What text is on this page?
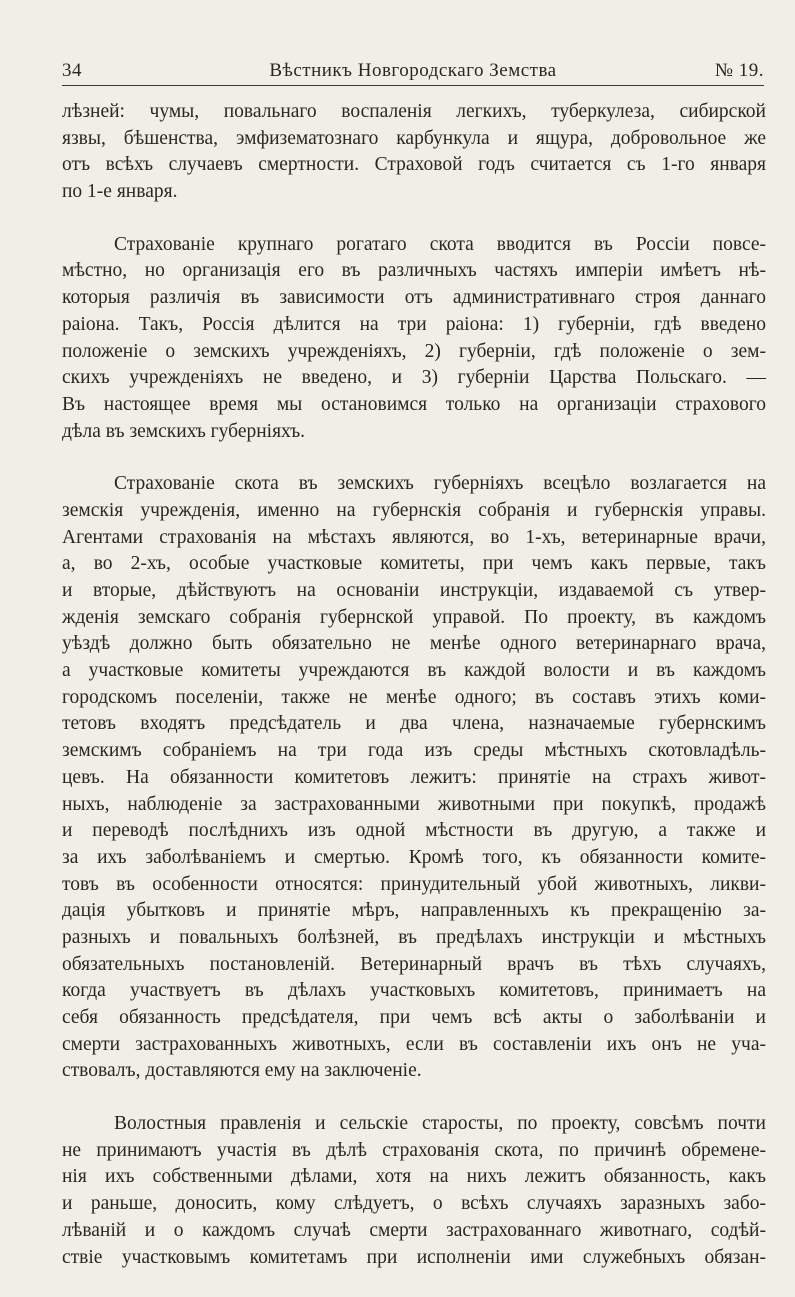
34	Вѣстникъ Новгородскаго Земства	№ 19.
лѣзней: чумы, повальнаго воспаленія легкихъ, туберкулеза, сибирской
язвы, бѣшенства, эмфизематознаго карбункула и ящура, добровольное же
отъ всѣхъ случаевъ смертности. Страховой годъ считается съ 1-го января
по 1-е января.
Страхованіе крупнаго рогатаго скота вводится въ Россіи повсе-
мѣстно, но организація его въ различныхъ частяхъ имперіи имѣетъ нѣ-
которыя различія въ зависимости отъ административнаго строя даннаго
раіона. Такъ, Россія дѣлится на три раіона: 1) губерніи, гдѣ введено
положеніе о земскихъ учрежденіяхъ, 2) губерніи, гдѣ положеніе о зем-
скихъ учрежденіяхъ не введено, и 3) губерніи Царства Польскаго. —
Въ настоящее время мы остановимся только на организаціи страхового
дѣла въ земскихъ губерніяхъ.
Страхованіе скота въ земскихъ губерніяхъ всецѣло возлагается на
земскія учрежденія, именно на губернскія собранія и губернскія управы.
Агентами страхованія на мѣстахъ являются, во 1-хъ, ветеринарные врачи,
а, во 2-хъ, особые участковые комитеты, при чемъ какъ первые, такъ
и вторые, дѣйствуютъ на основаніи инструкціи, издаваемой съ утвер-
жденія земскаго собранія губернской управой. По проекту, въ каждомъ
уѣздѣ должно быть обязательно не менѣе одного ветеринарнаго врача,
а участковые комитеты учреждаются въ каждой волости и въ каждомъ
городскомъ поселеніи, также не менѣе одного; въ составъ этихъ коми-
тетовъ входятъ предсѣдатель и два члена, назначаемые губернскимъ
земскимъ собраніемъ на три года изъ среды мѣстныхъ скотовладѣль-
цевъ. На обязанности комитетовъ лежитъ: принятіе на страхъ живот-
ныхъ, наблюденіе за застрахованными животными при покупкѣ, продажѣ
и переводѣ послѣднихъ изъ одной мѣстности въ другую, а также и
за ихъ заболѣваніемъ и смертью. Кромѣ того, къ обязанности комите-
товъ въ особенности относятся: принудительный убой животныхъ, ликви-
дація убытковъ и принятіе мѣръ, направленныхъ къ прекращенію за-
разныхъ и повальныхъ болѣзней, въ предѣлахъ инструкціи и мѣстныхъ
обязательныхъ постановленій. Ветеринарный врачъ въ тѣхъ случаяхъ,
когда участвуетъ въ дѣлахъ участковыхъ комитетовъ, принимаетъ на
себя обязанность предсѣдателя, при чемъ всѣ акты о заболѣваніи и
смерти застрахованныхъ животныхъ, если въ составленіи ихъ онъ не уча-
ствовалъ, доставляются ему на заключеніе.
Волостныя правленія и сельскіе старосты, по проекту, совсѣмъ почти
не принимаютъ участія въ дѣлѣ страхованія скота, по причинѣ обремене-
нія ихъ собственными дѣлами, хотя на нихъ лежитъ обязанность, какъ
и раньше, доносить, кому слѣдуетъ, о всѣхъ случаяхъ заразныхъ забо-
лѣваній и о каждомъ случаѣ смерти застрахованнаго животнаго, содѣй-
ствіе участковымъ комитетамъ при исполненіи ими служебныхъ обязан-
